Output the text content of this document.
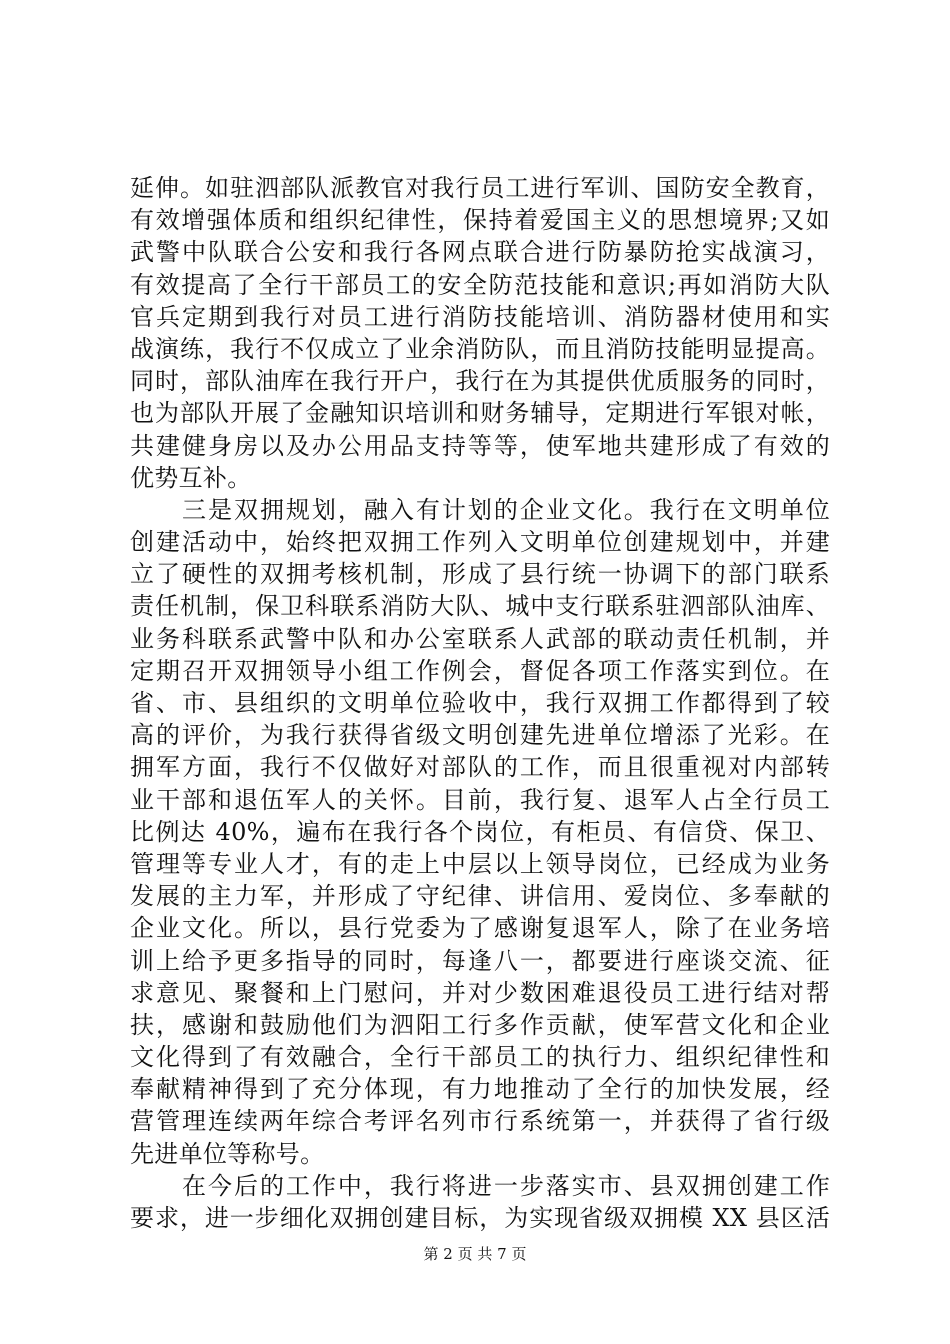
延伸。如驻泗部队派教官对我行员工进行军训、国防安全教育，
有效增强体质和组织纪律性，保持着爱国主义的思想境界;又如
武警中队联合公安和我行各网点联合进行防暴防抢实战演习，
有效提高了全行干部员工的安全防范技能和意识;再如消防大队
官兵定期到我行对员工进行消防技能培训、消防器材使用和实
战演练，我行不仅成立了业余消防队，而且消防技能明显提高。
同时，部队油库在我行开户，我行在为其提供优质服务的同时，
也为部队开展了金融知识培训和财务辅导，定期进行军银对帐，
共建健身房以及办公用品支持等等，使军地共建形成了有效的
优势互补。
　　三是双拥规划，融入有计划的企业文化。我行在文明单位
创建活动中，始终把双拥工作列入文明单位创建规划中，并建
立了硬性的双拥考核机制，形成了县行统一协调下的部门联系
责任机制，保卫科联系消防大队、城中支行联系驻泗部队油库、
业务科联系武警中队和办公室联系人武部的联动责任机制，并
定期召开双拥领导小组工作例会，督促各项工作落实到位。在
省、市、县组织的文明单位验收中，我行双拥工作都得到了较
高的评价，为我行获得省级文明创建先进单位增添了光彩。在
拥军方面，我行不仅做好对部队的工作，而且很重视对内部转
业干部和退伍军人的关怀。目前，我行复、退军人占全行员工
比例达 40%，遍布在我行各个岗位，有柜员、有信贷、保卫、
管理等专业人才，有的走上中层以上领导岗位，已经成为业务
发展的主力军，并形成了守纪律、讲信用、爱岗位、多奉献的
企业文化。所以，县行党委为了感谢复退军人，除了在业务培
训上给予更多指导的同时，每逢八一，都要进行座谈交流、征
求意见、聚餐和上门慰问，并对少数困难退役员工进行结对帮
扶，感谢和鼓励他们为泗阳工行多作贡献，使军营文化和企业
文化得到了有效融合，全行干部员工的执行力、组织纪律性和
奉献精神得到了充分体现，有力地推动了全行的加快发展，经
营管理连续两年综合考评名列市行系统第一，并获得了省行级
先进单位等称号。
　　在今后的工作中，我行将进一步落实市、县双拥创建工作
要求，进一步细化双拥创建目标，为实现省级双拥模 XX 县区活
第 2 页 共 7 页
